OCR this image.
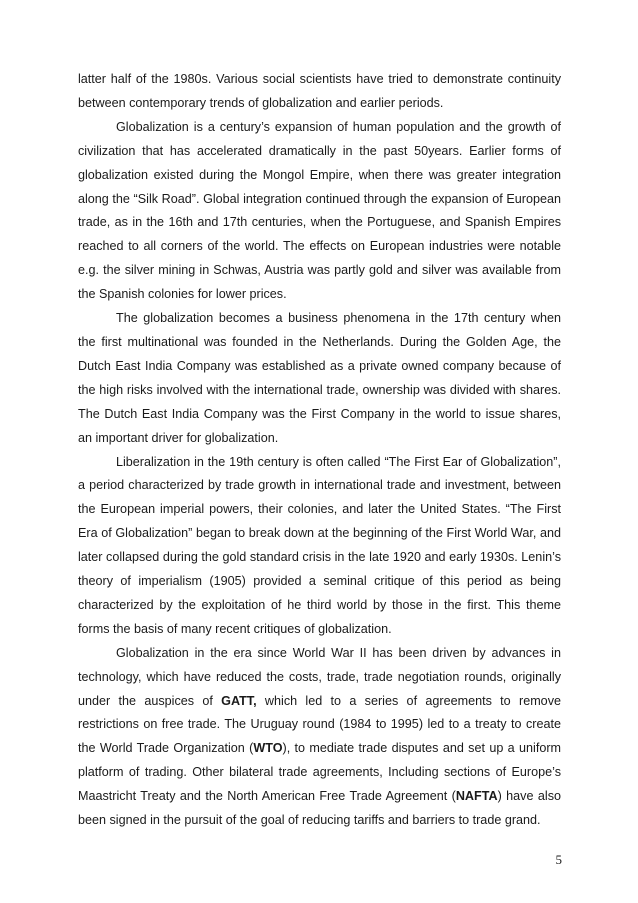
latter half of the 1980s. Various social scientists have tried to demonstrate continuity between contemporary trends of globalization and earlier periods.

Globalization is a century’s expansion of human population and the growth of civilization that has accelerated dramatically in the past 50years. Earlier forms of globalization existed during the Mongol Empire, when there was greater integration along the “Silk Road”. Global integration continued through the expansion of European trade, as in the 16th and 17th centuries, when the Portuguese, and Spanish Empires reached to all corners of the world. The effects on European industries were notable e.g. the silver mining in Schwas, Austria was partly gold and silver was available from the Spanish colonies for lower prices.

The globalization becomes a business phenomena in the 17th century when the first multinational was founded in the Netherlands. During the Golden Age, the Dutch East India Company was established as a private owned company because of the high risks involved with the international trade, ownership was divided with shares. The Dutch East India Company was the First Company in the world to issue shares, an important driver for globalization.

Liberalization in the 19th century is often called “The First Ear of Globalization”, a period characterized by trade growth in international trade and investment, between the European imperial powers, their colonies, and later the United States. “The First Era of Globalization” began to break down at the beginning of the First World War, and later collapsed during the gold standard crisis in the late 1920 and early 1930s. Lenin’s theory of imperialism (1905) provided a seminal critique of this period as being characterized by the exploitation of he third world by those in the first. This theme forms the basis of many recent critiques of globalization.

Globalization in the era since World War II has been driven by advances in technology, which have reduced the costs, trade, trade negotiation rounds, originally under the auspices of GATT, which led to a series of agreements to remove restrictions on free trade. The Uruguay round (1984 to 1995) led to a treaty to create the World Trade Organization (WTO), to mediate trade disputes and set up a uniform platform of trading. Other bilateral trade agreements, Including sections of Europe’s Maastricht Treaty and the North American Free Trade Agreement (NAFTA) have also been signed in the pursuit of the goal of reducing tariffs and barriers to trade grand.

5
